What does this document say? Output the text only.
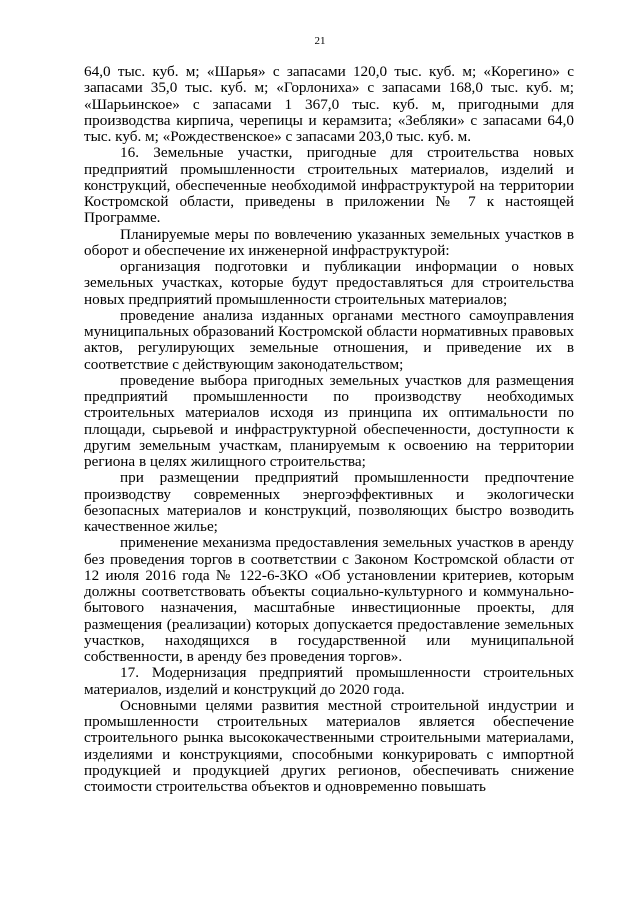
21

64,0 тыс. куб. м; «Шарья» с запасами 120,0 тыс. куб. м; «Корегино» с запасами 35,0 тыс. куб. м; «Горлониха» с запасами 168,0 тыс. куб. м; «Шарьинское» с запасами 1 367,0 тыс. куб. м, пригодными для производства кирпича, черепицы и керамзита; «Зебляки» с запасами 64,0 тыс. куб. м; «Рождественское» с запасами 203,0 тыс. куб. м.

16. Земельные участки, пригодные для строительства новых предприятий промышленности строительных материалов, изделий и конструкций, обеспеченные необходимой инфраструктурой на территории Костромской области, приведены в приложении № 7 к настоящей Программе.

Планируемые меры по вовлечению указанных земельных участков в оборот и обеспечение их инженерной инфраструктурой:

организация подготовки и публикации информации о новых земельных участках, которые будут предоставляться для строительства новых предприятий промышленности строительных материалов;

проведение анализа изданных органами местного самоуправления муниципальных образований Костромской области нормативных правовых актов, регулирующих земельные отношения, и приведение их в соответствие с действующим законодательством;

проведение выбора пригодных земельных участков для размещения предприятий промышленности по производству необходимых строительных материалов исходя из принципа их оптимальности по площади, сырьевой и инфраструктурной обеспеченности, доступности к другим земельным участкам, планируемым к освоению на территории региона в целях жилищного строительства;

при размещении предприятий промышленности предпочтение производству современных энергоэффективных и экологически безопасных материалов и конструкций, позволяющих быстро возводить качественное жилье;

применение механизма предоставления земельных участков в аренду без проведения торгов в соответствии с Законом Костромской области от 12 июля 2016 года № 122-6-ЗКО «Об установлении критериев, которым должны соответствовать объекты социально-культурного и коммунально-бытового назначения, масштабные инвестиционные проекты, для размещения (реализации) которых допускается предоставление земельных участков, находящихся в государственной или муниципальной собственности, в аренду без проведения торгов».

17. Модернизация предприятий промышленности строительных материалов, изделий и конструкций до 2020 года.

Основными целями развития местной строительной индустрии и промышленности строительных материалов является обеспечение строительного рынка высококачественными строительными материалами, изделиями и конструкциями, способными конкурировать с импортной продукцией и продукцией других регионов, обеспечивать снижение стоимости строительства объектов и одновременно повышать
